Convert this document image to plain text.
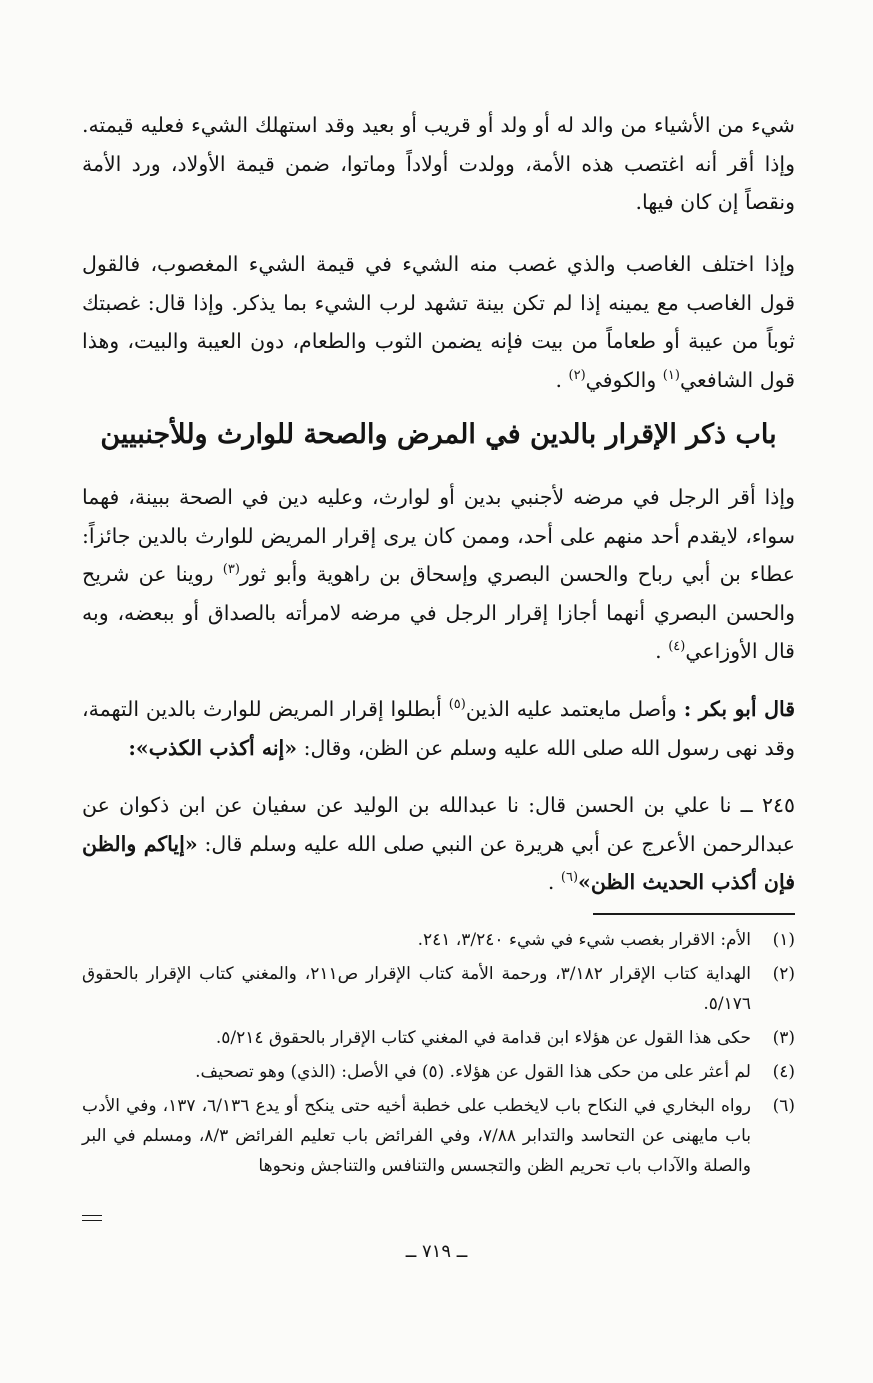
شيء من الأشياء من والد له أو ولد أو قريب أو بعيد وقد استهلك الشيء فعليه قيمته. وإذا أقر أنه اغتصب هذه الأمة، وولدت أولاداً وماتوا، ضمن قيمة الأولاد، ورد الأمة ونقصاً إن كان فيها.

وإذا اختلف الغاصب والذي غصب منه الشيء في قيمة الشيء المغصوب، فالقول قول الغاصب مع يمينه إذا لم تكن بينة تشهد لرب الشيء بما يذكر. وإذا قال: غصبتك ثوباً من عيبة أو طعاماً من بيت فإنه يضمن الثوب والطعام، دون العيبة والبيت، وهذا قول الشافعي$^{(١)}$ والكوفي$^{(٢)}$ .

باب ذكر الإقرار بالدين في المرض والصحة للوارث وللأجنبيين

وإذا أقر الرجل في مرضه لأجنبي بدين أو لوارث، وعليه دين في الصحة ببينة، فهما سواء، لايقدم أحد منهم على أحد، وممن كان يرى إقرار المريض للوارث بالدين جائزاً: عطاء بن أبي رباح والحسن البصري وإسحاق بن راهوية وأبو ثور$^{(٣)}$ روينا عن شريح والحسن البصري أنهما أجازا إقرار الرجل في مرضه لامرأته بالصداق أو ببعضه، وبه قال الأوزاعي$^{(٤)}$ .

قال أبو بكر : وأصل مايعتمد عليه الذين$^{(٥)}$ أبطلوا إقرار المريض للوارث بالدين التهمة، وقد نهى رسول الله صلى الله عليه وسلم عن الظن، وقال: «إنه أكذب الكذب»:

٢٤٥ ــ نا علي بن الحسن قال: نا عبدالله بن الوليد عن سفيان عن ابن ذكوان عن عبدالرحمن الأعرج عن أبي هريرة عن النبي صلى الله عليه وسلم قال: «إياكم والظن فإن أكذب الحديث الظن»$^{(٦)}$ .

(١)
الأم: الاقرار بغصب شيء في شيء ٣/٢٤٠، ٢٤١.
(٢)
الهداية كتاب الإقرار ٣/١٨٢، ورحمة الأمة كتاب الإقرار ص٢١١، والمغني كتاب الإقرار بالحقوق ٥/١٧٦.
(٣)
حكى هذا القول عن هؤلاء ابن قدامة في المغني كتاب الإقرار بالحقوق ٥/٢١٤.
(٤)
لم أعثر على من حكى هذا القول عن هؤلاء. (٥) في الأصل: (الذي) وهو تصحيف.
(٦)
رواه البخاري في النكاح باب لايخطب على خطبة أخيه حتى ينكح أو يدع ٦/١٣٦، ١٣٧، وفي الأدب باب مايهنى عن التحاسد والتدابر ٧/٨٨، وفي الفرائض باب تعليم الفرائض ٨/٣، ومسلم في البر والصلة والآداب باب تحريم الظن والتجسس والتنافس والتناجش ونحوها
ــ ٧١٩ ــ
